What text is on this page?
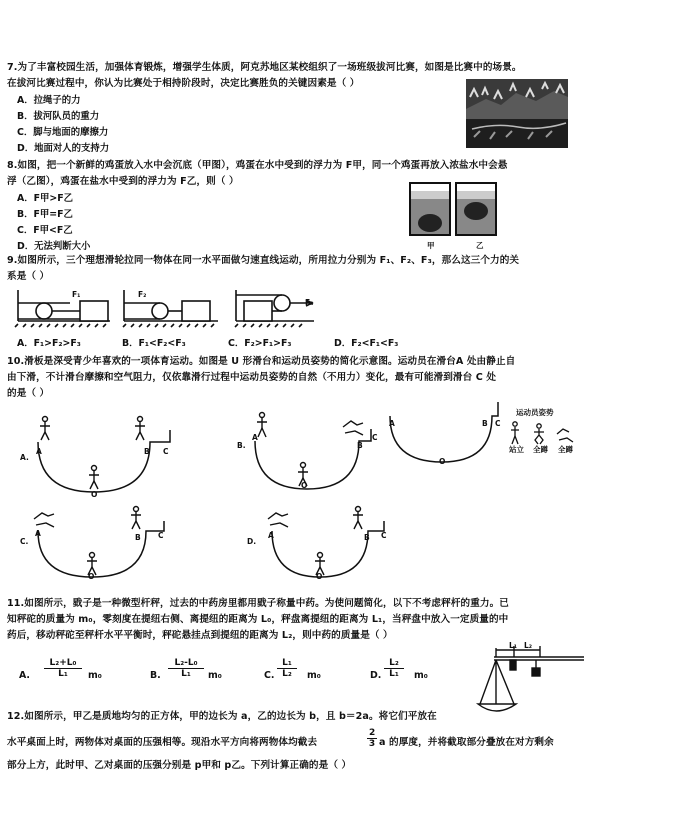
7.为了丰富校园生活，加强体育锻炼，增强学生体质，阿克苏地区某校组织了一场班级拔河比赛，如图是比赛中的场景。
在拔河比赛过程中，你认为比赛处于相持阶段时，决定比赛胜负的关键因素是（ ）
A．拉绳子的力
B．拔河队员的重力
C．脚与地面的摩擦力
D．地面对人的支持力
8.如图，把一个新鲜的鸡蛋放入水中会沉底（甲图），鸡蛋在水中受到的浮力为 F甲，同一个鸡蛋再放入浓盐水中会悬
浮（乙图），鸡蛋在盐水中受到的浮力为 F乙，则（ ）
A．F甲>F乙
B．F甲=F乙
C．F甲<F乙
D．无法判断大小	甲	乙
9.如图所示，三个理想滑轮拉同一物体在同一水平面做匀速直线运动，所用拉力分别为 F₁、F₂、F₃，那么这三个力的关
系是（ ）
F₁	F₂
F₃
A．F₁>F₂>F₃	B．F₁<F₂<F₃	C．F₂>F₁>F₃	D．F₂<F₁<F₃
10.滑板是深受青少年喜欢的一项体育运动。如图是 U 形滑台和运动员姿势的简化示意图。运动员在滑台A 处由静止自
由下滑，不计滑台摩擦和空气阻力，仅依靠滑行过程中运动员姿势的自然（不用力）变化，最有可能滑到滑台 C 处
的是（ ）
运动员姿势
站立 全蹲 全蹲
A.
B.
C.	D.
A	B C
O
A
B
C
O
A	B C
O
A	B C
O
A	B C
O
11.如图所示，戥子是一种微型杆秤，过去的中药房里都用戥子称量中药。为使问题简化，以下不考虑秤杆的重力。已
知秤砣的质量为 m₀，零刻度在提纽右侧、离提纽的距离为 L₀，秤盘离提纽的距离为 L₁，当秤盘中放入一定质量的中
药后，移动秤砣至秤杆水平平衡时，秤砣悬挂点到提纽的距离为 L₂，则中药的质量是（ ）
A. $\frac{\text{L₂+L₀}}{\text{L₁}} m_0$	B. $\frac{\text{L₂-L₀}}{\text{L₁}} m_0$	C. $\frac{\text{L₁}}{\text{L₂}} m_0$	D. $\frac{\text{L₂}}{\text{L₁}} m_0$
L₁ L₂
12.如图所示，甲乙是质地均匀的正方体，甲的边长为 a，乙的边长为 b，且 b＝2a。将它们平放在
水平桌面上时，两物体对桌面的压强相等。现沿水平方向将两物体均截去	$\frac{2}{3}$ a 的厚度，并将截取部分叠放在对方剩余
部分上方，此时甲、乙对桌面的压强分别是 p甲和 p乙。下列计算正确的是（ ）
